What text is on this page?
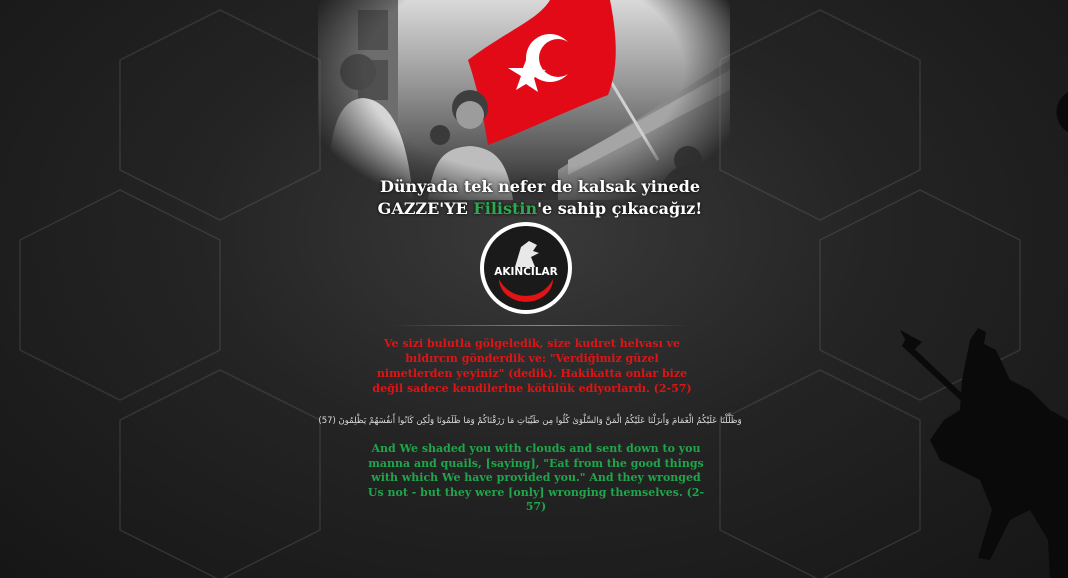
Dünyada tek nefer de kalsak yinede
GAZZE'YE Filistin'e sahip çıkacağız!
AKINCILAR
Ve sizi bulutla gölgeledik, size kudret helvası ve bıldırcın gönderdik ve: "Verdiğimiz güzel nimetlerden yeyiniz" (dedik). Hakikatta onlar bize değil sadece kendilerine kötülük ediyorlardı. (2-57)
وَظَلَّلْنَا عَلَيْكُمُ الْغَمَامَ وَأَنزَلْنَا عَلَيْكُمُ الْمَنَّ وَالسَّلْوَىٰ كُلُوا مِن طَيِّبَاتِ مَا رَزَقْنَاكُمْ وَمَا ظَلَمُونَا وَلَٰكِن كَانُوا أَنفُسَهُمْ يَظْلِمُونَ (57)
And We shaded you with clouds and sent down to you manna and quails, [saying], "Eat from the good things with which We have provided you." And they wronged Us not - but they were [only] wronging themselves. (2-57)
